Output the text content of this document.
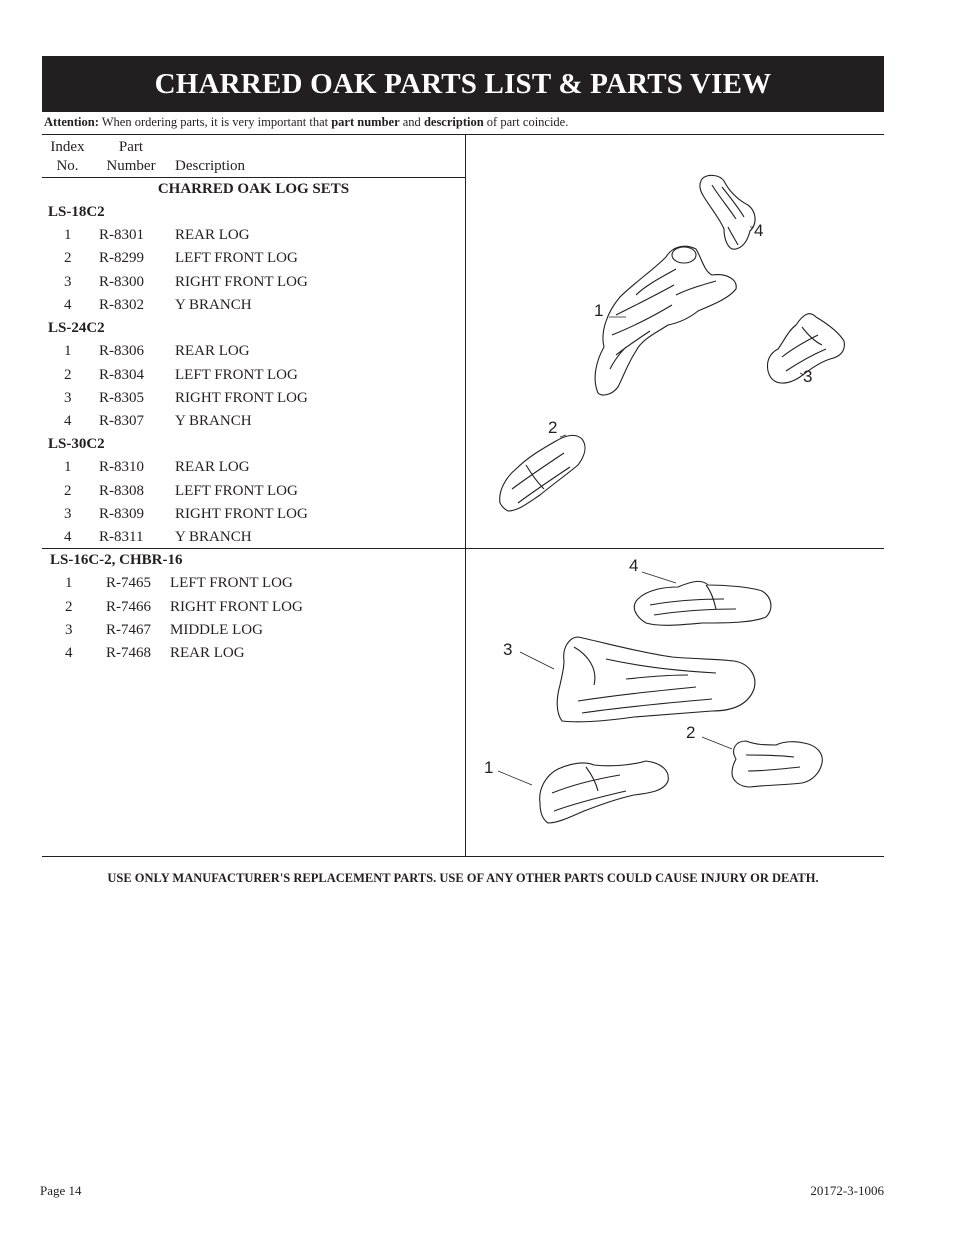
CHARRED OAK PARTS LIST & PARTS VIEW
Attention: When ordering parts, it is very important that part number and description of part coincide.
Index
No.
Part
Number	Description
CHARRED OAK LOG SETS
LS-18C2
1 R-8301 REAR LOG
2 R-8299 LEFT FRONT LOG
3 R-8300 RIGHT FRONT LOG
4 R-8302 Y BRANCH
LS-24C2
1 R-8306 REAR LOG
2 R-8304 LEFT FRONT LOG
3 R-8305 RIGHT FRONT LOG
4 R-8307 Y BRANCH
LS-30C2
1 R-8310 REAR LOG
2 R-8308 LEFT FRONT LOG
3 R-8309 RIGHT FRONT LOG
4 R-8311 Y BRANCH
LS-16C-2, CHBR-16
1 R-7465 LEFT FRONT LOG
2 R-7466 RIGHT FRONT LOG
3 R-7467 MIDDLE LOG
4 R-7468 REAR LOG
4
1
3
2
4
3
2
1
USE ONLY MANUFACTURER'S REPLACEMENT PARTS. USE OF ANY OTHER PARTS COULD CAUSE INJURY OR DEATH.
Page 14	20172-3-1006
